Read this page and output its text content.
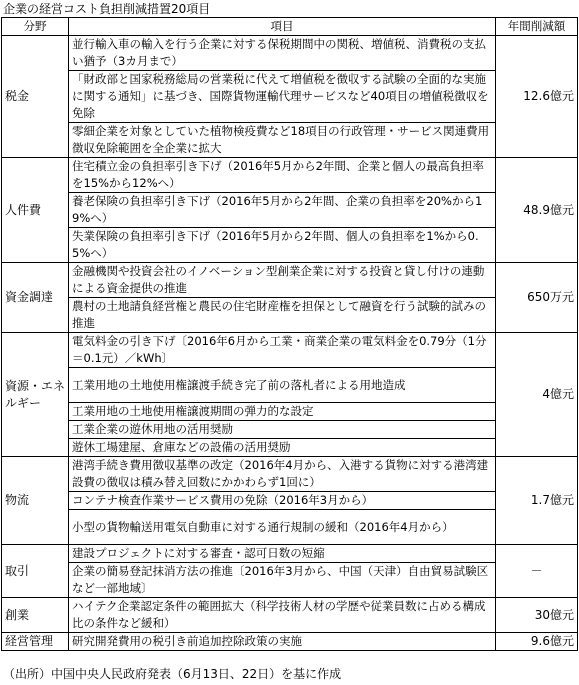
企業の経営コスト負担削減措置20項目
分野	項目	年間削減額
税金	並行輸入車の輸入を行う企業に対する保税期間中の関税、増値税、消費税の支払い猶予（3カ月まで）	12.6億元
	「財政部と国家税務総局の営業税に代えて増値税を徴収する試験の全面的な実施に関する通知」に基づき、国際貨物運輸代理サービスなど40項目の増値税徴収を免除	
	零細企業を対象としていた植物検疫費など18項目の行政管理・サービス関連費用徴収免除範囲を全企業に拡大	
人件費	住宅積立金の負担率引き下げ（2016年5月から2年間、企業と個人の最高負担率を15%から12%へ）	48.9億元
	養老保険の負担率引き下げ（2016年5月から2年間、企業の負担率を20%から19%へ）	
	失業保険の負担率引き下げ（2016年5月から2年間、個人の負担率を1%から0.5%へ）	
資金調達	金融機関や投資会社のイノベーション型創業企業に対する投資と貸し付けの連動による資金提供の推進	650万元
	農村の土地請負経営権と農民の住宅財産権を担保として融資を行う試験的試みの推進	
資源・エネルギー	電気料金の引き下げ〔2016年6月から工業・商業企業の電気料金を0.79分（1分＝0.1元）／kWh〕	4億元
	工業用地の土地使用権譲渡手続き完了前の落札者による用地造成	
	工業用地の土地使用権譲渡期間の弾力的な設定	
	工業企業の遊休用地の活用奨励	
	遊休工場建屋、倉庫などの設備の活用奨励	
物流	港湾手続き費用徴収基準の改定（2016年4月から、入港する貨物に対する港湾建設費の徴収は積み替え回数にかかわらず1回に）	1.7億元
	コンテナ検査作業サービス費用の免除（2016年3月から）	
	小型の貨物輸送用電気自動車に対する通行規制の緩和（2016年4月から）	
取引	建設プロジェクトに対する審査・認可日数の短縮	－
	企業の簡易登記抹消方法の推進〔2016年3月から、中国（天津）自由貿易試験区など一部地域〕	
創業	ハイテク企業認定条件の範囲拡大（科学技術人材の学歴や従業員数に占める構成比の条件など緩和）	30億元
経営管理	研究開発費用の税引き前追加控除政策の実施	9.6億元
（出所）中国中央人民政府発表（6月13日、22日）を基に作成
